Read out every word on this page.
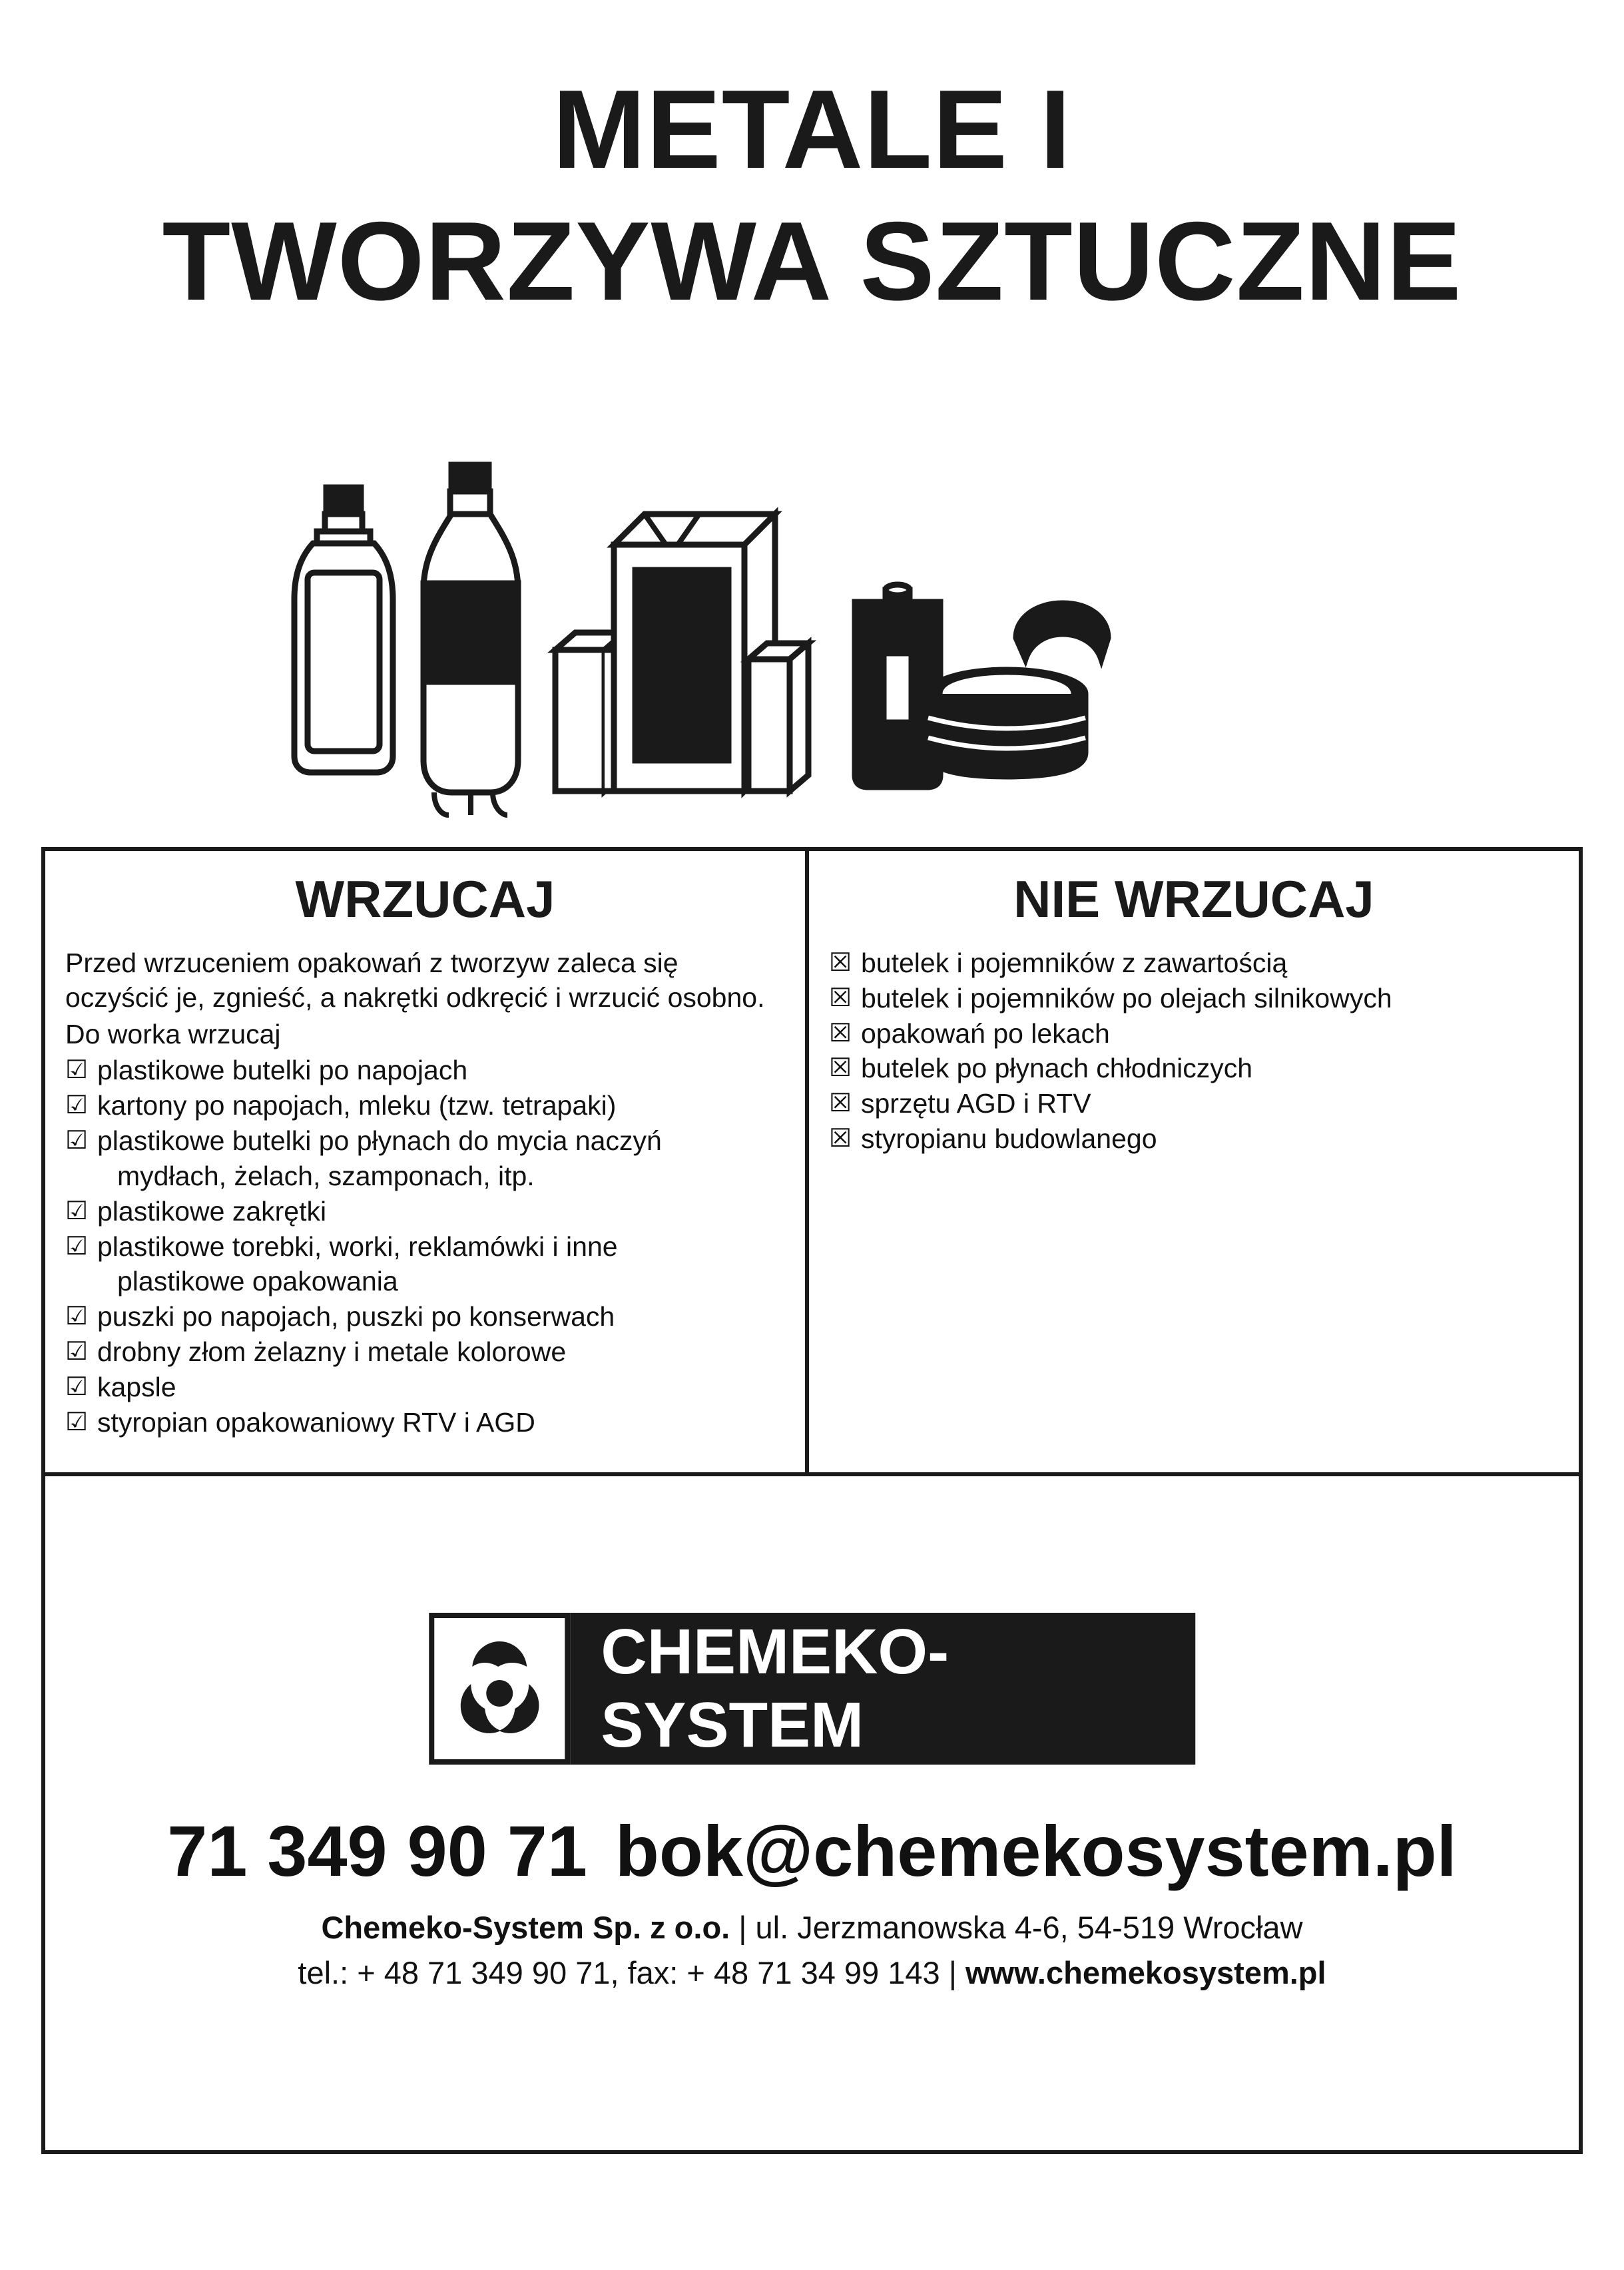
METALE I
TWORZYWA SZTUCZNE
WRZUCAJ

Przed wrzuceniem opakowań z tworzyw zaleca się oczyścić je, zgnieść, a nakrętki odkręcić i wrzucić osobno.

Do worka wrzucaj

☑ plastikowe butelki po napojach
☑ kartony po napojach, mleku (tzw. tetrapaki)
☑ plastikowe butelki po płynach do mycia naczyń
mydłach, żelach, szamponach, itp.
☑ plastikowe zakrętki
☑ plastikowe torebki, worki, reklamówki i inne
plastikowe opakowania
☑ puszki po napojach, puszki po konserwach
☑ drobny złom żelazny i metale kolorowe
☑ kapsle
☑ styropian opakowaniowy RTV i AGD
NIE WRZUCAJ
☒ butelek i pojemników z zawartością
☒ butelek i pojemników po olejach silnikowych
☒ opakowań po lekach
☒ butelek po płynach chłodniczych
☒ sprzętu AGD i RTV
☒ styropianu budowlanego
CHEMEKO-SYSTEM
71 349 90 71 bok@chemekosystem.pl
Chemeko-System Sp. z o.o. | ul. Jerzmanowska 4-6, 54-519 Wrocław
tel.: + 48 71 349 90 71, fax: + 48 71 34 99 143 | www.chemekosystem.pl
